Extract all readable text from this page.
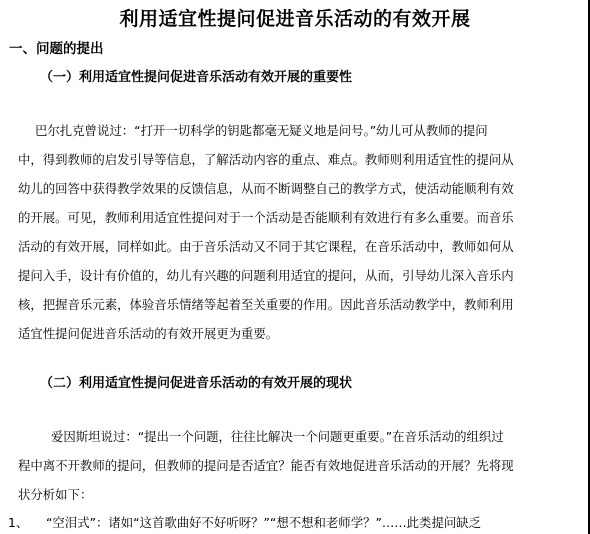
利用适宜性提问促进音乐活动的有效开展
一、问题的提出
（一）利用适宜性提问促进音乐活动有效开展的重要性
巴尔扎克曾说过：“打开一切科学的钥匙都毫无疑义地是问号。”幼儿可从教师的提问
中，得到教师的启发引导等信息，了解活动内容的重点、难点。教师则利用适宜性的提问从
幼儿的回答中获得教学效果的反馈信息，从而不断调整自己的教学方式，使活动能顺利有效
的开展。可见，教师利用适宜性提问对于一个活动是否能顺利有效进行有多么重要。而音乐
活动的有效开展，同样如此。由于音乐活动又不同于其它课程，在音乐活动中，教师如何从
提问入手，设计有价值的，幼儿有兴趣的问题利用适宜的提问，从而，引导幼儿深入音乐内
核，把握音乐元素，体验音乐情绪等起着至关重要的作用。因此音乐活动教学中，教师利用
适宜性提问促进音乐活动的有效开展更为重要。
（二）利用适宜性提问促进音乐活动的有效开展的现状
爱因斯坦说过：“提出一个问题，往往比解决一个问题更重要。”在音乐活动的组织过
程中离不开教师的提问，但教师的提问是否适宜？能否有效地促进音乐活动的开展？先将现
状分析如下：
1、 “空泪式”：诸如“这首歌曲好不好听呀？”“想不想和老师学？”……此类提问缺乏
